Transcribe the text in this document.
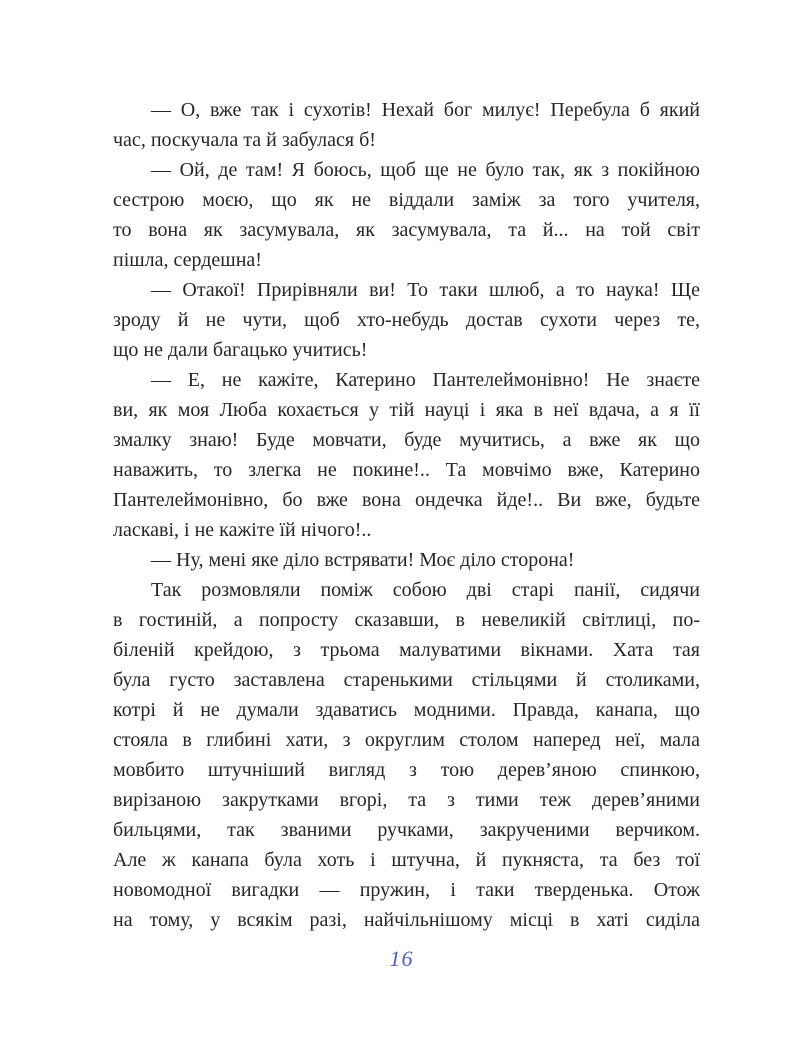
— О, вже так і сухотів! Нехай бог милує! Перебула б який
час, поскучала та й забулася б!
— Ой, де там! Я боюсь, щоб ще не було так, як з покійною
сестрою моєю, що як не віддали заміж за того учителя,
то вона як засумувала, як засумувала, та й... на той світ
пішла, сердешна!
— Отакої! Прирівняли ви! То таки шлюб, а то наука! Ще
зроду й не чути, щоб хто-небудь достав сухоти через те,
що не дали багацько учитись!
— Е, не кажіте, Катерино Пантелеймонівно! Не знаєте
ви, як моя Люба кохається у тій науці і яка в неї вдача, а я її
змалку знаю! Буде мовчати, буде мучитись, а вже як що
наважить, то злегка не покине!.. Та мовчімо вже, Катерино
Пантелеймонівно, бо вже вона ондечка йде!.. Ви вже, будьте
ласкаві, і не кажіте їй нічого!..
— Ну, мені яке діло встрявати! Моє діло сторона!
Так розмовляли поміж собою дві старі панії, сидячи
в гостиній, а попросту сказавши, в невеликій світлиці, по-
біленій крейдою, з трьома малуватими вікнами. Хата тая
була густо заставлена старенькими стільцями й столиками,
котрі й не думали здаватись модними. Правда, канапа, що
стояла в глибині хати, з округлим столом наперед неї, мала
мовбито штучніший вигляд з тою дерев’яною спинкою,
вирізаною закрутками вгорі, та з тими теж дерев’яними
бильцями, так званими ручками, закрученими верчиком.
Але ж канапа була хоть і штучна, й пукняста, та без тої
новомодної вигадки — пружин, і таки тверденька. Отож
на тому, у всякім разі, найчільнішому місці в хаті сиділа
16
